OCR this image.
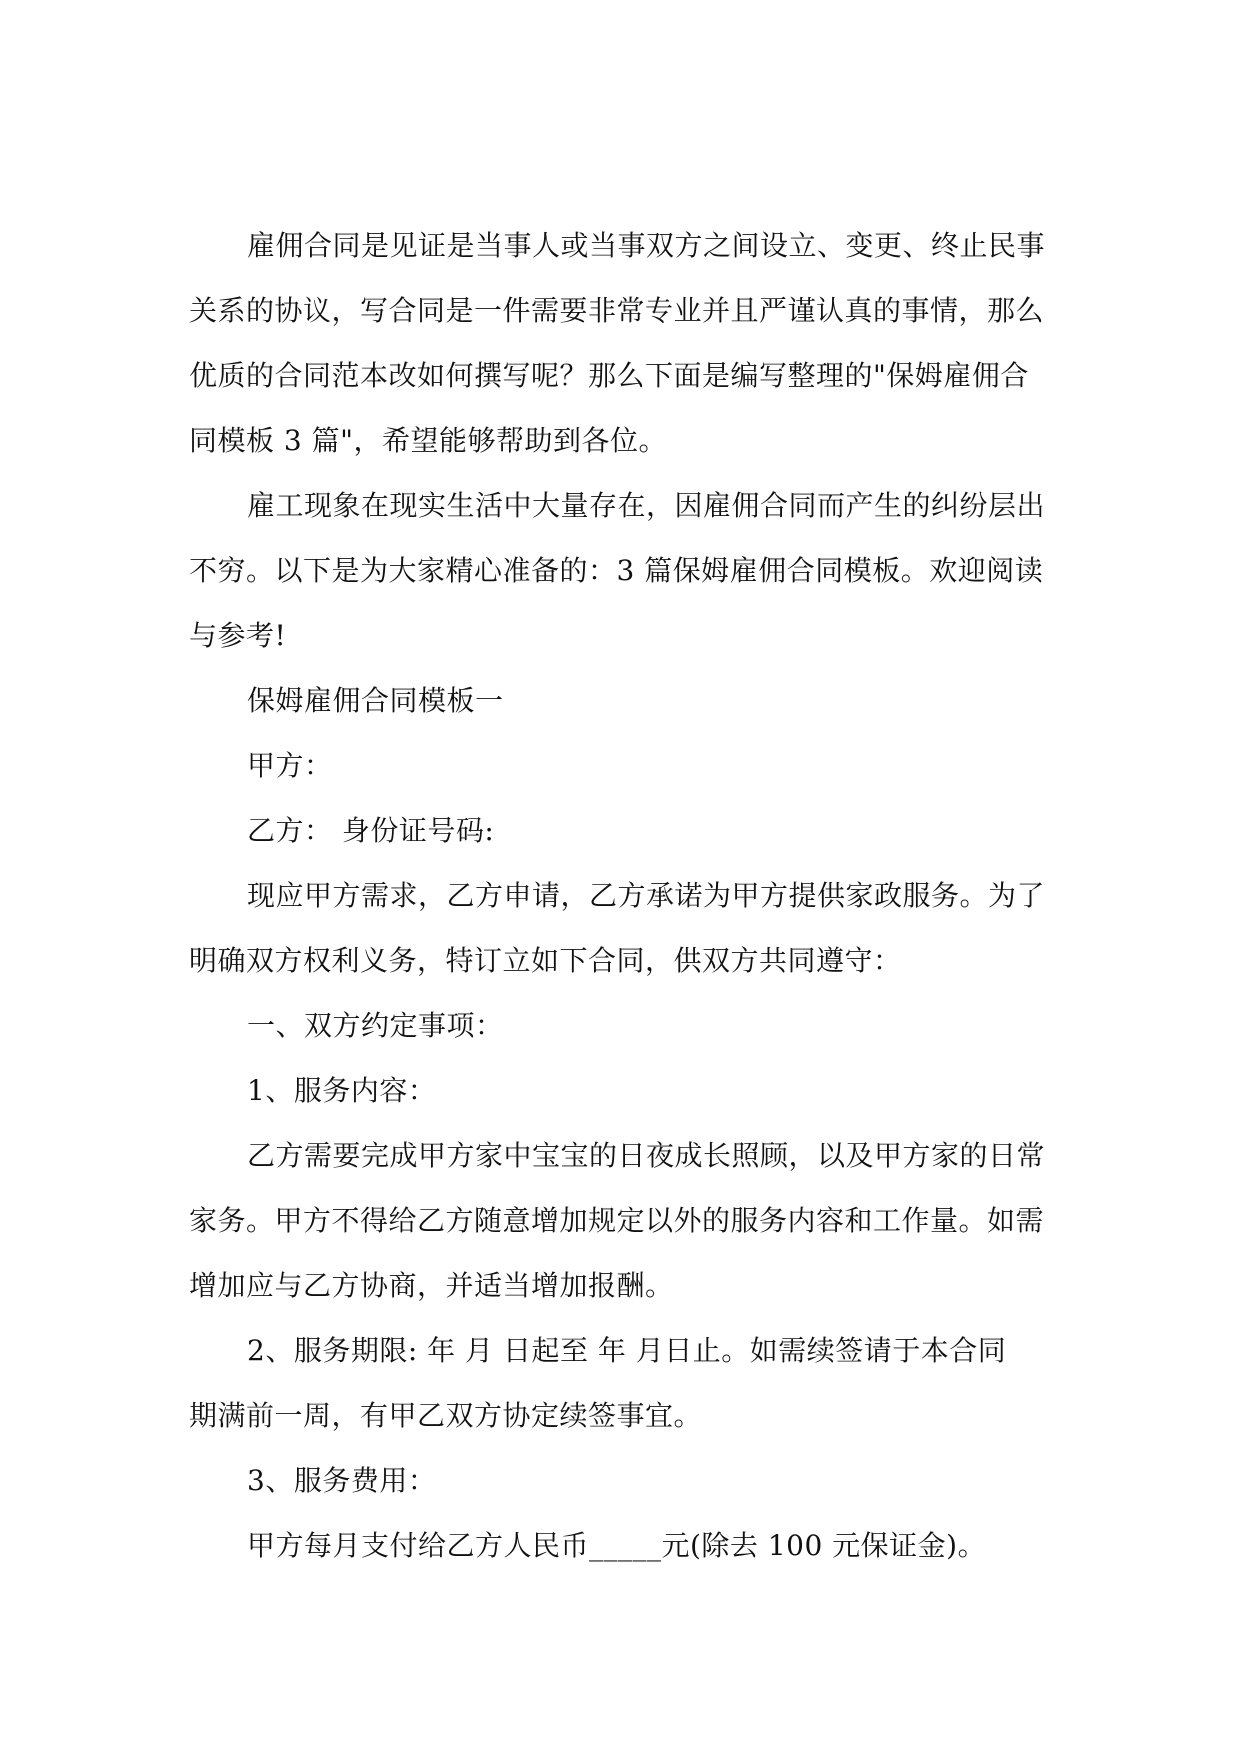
雇佣合同是见证是当事人或当事双方之间设立、变更、终止民事
关系的协议，写合同是一件需要非常专业并且严谨认真的事情，那么
优质的合同范本改如何撰写呢？那么下面是编写整理的"保姆雇佣合
同模板 3 篇"，希望能够帮助到各位。
雇工现象在现实生活中大量存在，因雇佣合同而产生的纠纷层出
不穷。以下是为大家精心准备的：3 篇保姆雇佣合同模板。欢迎阅读
与参考!
保姆雇佣合同模板一
甲方：
乙方： 身份证号码:
现应甲方需求，乙方申请，乙方承诺为甲方提供家政服务。为了
明确双方权利义务，特订立如下合同，供双方共同遵守：
一、双方约定事项：
1、服务内容：
乙方需要完成甲方家中宝宝的日夜成长照顾，以及甲方家的日常
家务。甲方不得给乙方随意增加规定以外的服务内容和工作量。如需
增加应与乙方协商，并适当增加报酬。
2、服务期限: 年 月 日起至 年 月日止。如需续签请于本合同
期满前一周，有甲乙双方协定续签事宜。
3、服务费用：
甲方每月支付给乙方人民币_____元(除去 100 元保证金)。
